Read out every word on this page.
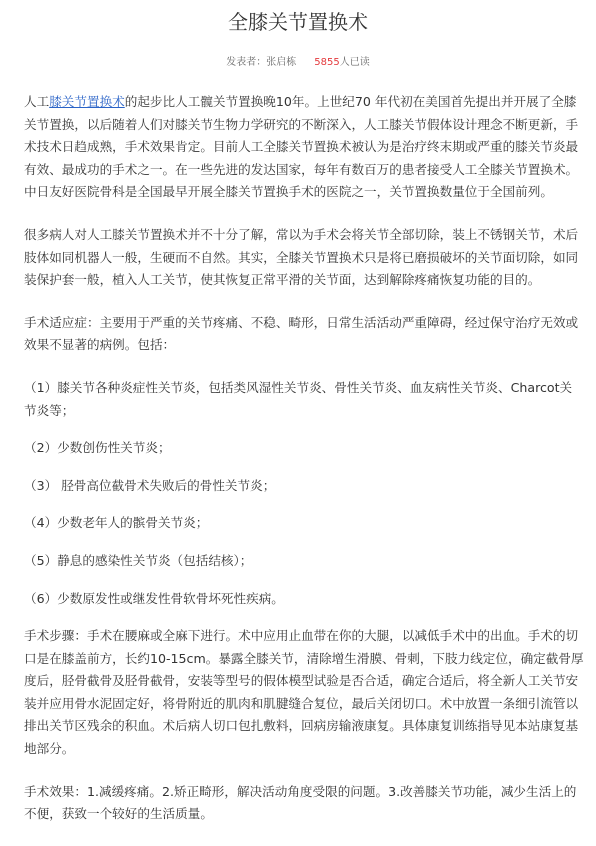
全膝关节置换术
发表者：张启栋 5855人已读

人工膝关节置换术的起步比人工髋关节置换晚10年。上世纪70 年代初在美国首先提出并开展了全膝关节置换，以后随着人们对膝关节生物力学研究的不断深入，人工膝关节假体设计理念不断更新，手术技术日趋成熟，手术效果肯定。目前人工全膝关节置换术被认为是治疗终末期或严重的膝关节炎最有效、最成功的手术之一。在一些先进的发达国家，每年有数百万的患者接受人工全膝关节置换术。中日友好医院骨科是全国最早开展全膝关节置换手术的医院之一，关节置换数量位于全国前列。

很多病人对人工膝关节置换术并不十分了解，常以为手术会将关节全部切除，装上不锈钢关节，术后肢体如同机器人一般，生硬而不自然。其实，全膝关节置换术只是将已磨损破坏的关节面切除，如同装保护套一般，植入人工关节，使其恢复正常平滑的关节面，达到解除疼痛恢复功能的目的。

手术适应症：主要用于严重的关节疼痛、不稳、畸形，日常生活活动严重障碍，经过保守治疗无效或效果不显著的病例。包括：

（1）膝关节各种炎症性关节炎，包括类风湿性关节炎、骨性关节炎、血友病性关节炎、Charcot关节炎等；

（2）少数创伤性关节炎；

（3） 胫骨高位截骨术失败后的骨性关节炎；

（4）少数老年人的髌骨关节炎；

（5）静息的感染性关节炎（包括结核）；

（6）少数原发性或继发性骨软骨坏死性疾病。

手术步骤：手术在腰麻或全麻下进行。术中应用止血带在你的大腿，以减低手术中的出血。手术的切口是在膝盖前方，长约10-15cm。暴露全膝关节，清除增生滑膜、骨刺，下肢力线定位，确定截骨厚度后，胫骨截骨及胫骨截骨，安装等型号的假体模型试验是否合适，确定合适后，将全新人工关节安装并应用骨水泥固定好，将骨附近的肌肉和肌腱缝合复位，最后关闭切口。术中放置一条细引流管以排出关节区残余的积血。术后病人切口包扎敷料，回病房输液康复。具体康复训练指导见本站康复基地部分。

手术效果：1.减缓疼痛。2.矫正畸形，解决活动角度受限的问题。3.改善膝关节功能，减少生活上的不便，获致一个较好的生活质量。
